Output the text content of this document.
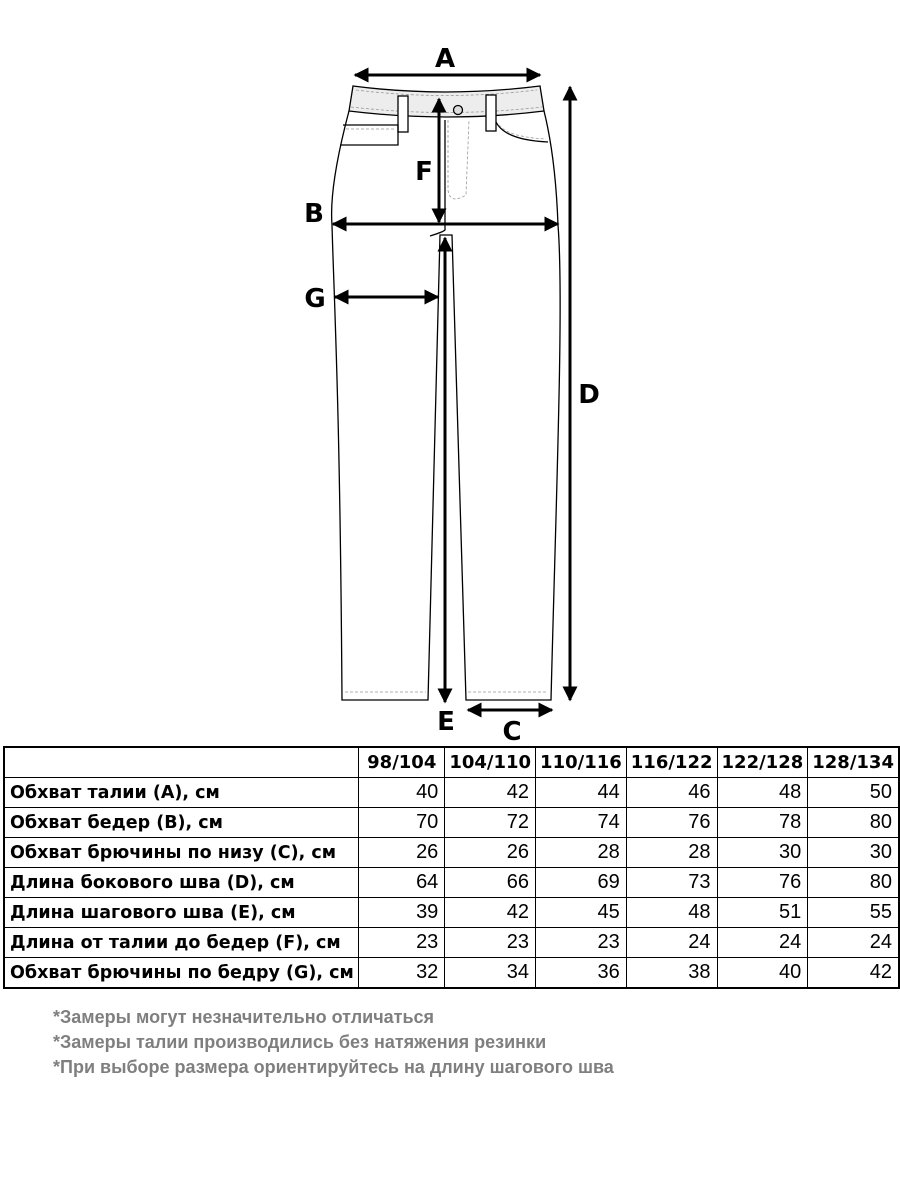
A
B
C
D
E
F
G
	98/104	104/110	110/116	116/122	122/128	128/134
Обхват талии (A), см	40	42	44	46	48	50
Обхват бедер (B), см	70	72	74	76	78	80
Обхват брючины по низу (C), см	26	26	28	28	30	30
Длина бокового шва (D), см	64	66	69	73	76	80
Длина шагового шва (E), см	39	42	45	48	51	55
Длина от талии до бедер (F), см	23	23	23	24	24	24
Обхват брючины по бедру (G), см	32	34	36	38	40	42
*Замеры могут незначительно отличаться
*Замеры талии производились без натяжения резинки
*При выборе размера ориентируйтесь на длину шагового шва
